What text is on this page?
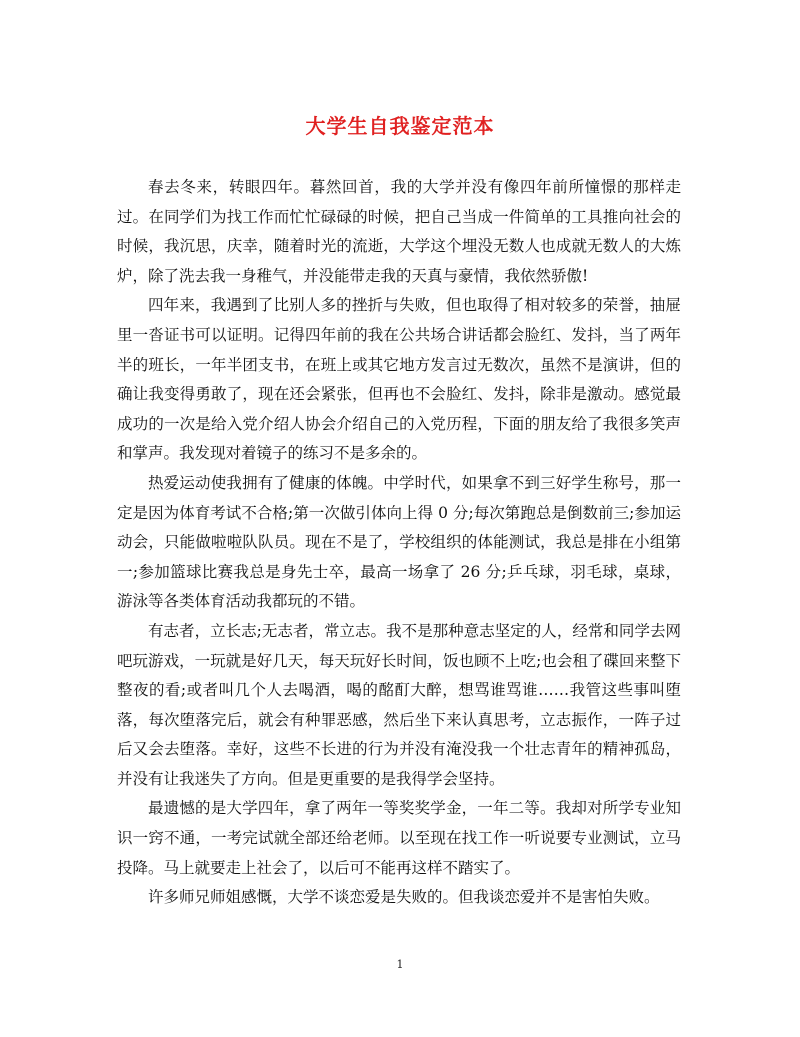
大学生自我鉴定范本

春去冬来，转眼四年。暮然回首，我的大学并没有像四年前所憧憬的那样走过。在同学们为找工作而忙忙碌碌的时候，把自己当成一件简单的工具推向社会的时候，我沉思，庆幸，随着时光的流逝，大学这个埋没无数人也成就无数人的大炼炉，除了洗去我一身稚气，并没能带走我的天真与豪情，我依然骄傲!

四年来，我遇到了比别人多的挫折与失败，但也取得了相对较多的荣誉，抽屉里一沓证书可以证明。记得四年前的我在公共场合讲话都会脸红、发抖，当了两年半的班长，一年半团支书，在班上或其它地方发言过无数次，虽然不是演讲，但的确让我变得勇敢了，现在还会紧张，但再也不会脸红、发抖，除非是激动。感觉最成功的一次是给入党介绍人协会介绍自己的入党历程，下面的朋友给了我很多笑声和掌声。我发现对着镜子的练习不是多余的。

热爱运动使我拥有了健康的体魄。中学时代，如果拿不到三好学生称号，那一定是因为体育考试不合格;第一次做引体向上得 0 分;每次第跑总是倒数前三;参加运动会，只能做啦啦队队员。现在不是了，学校组织的体能测试，我总是排在小组第一;参加篮球比赛我总是身先士卒，最高一场拿了 26 分;乒乓球，羽毛球，桌球，游泳等各类体育活动我都玩的不错。

有志者，立长志;无志者，常立志。我不是那种意志坚定的人，经常和同学去网吧玩游戏，一玩就是好几天，每天玩好长时间，饭也顾不上吃;也会租了碟回来整下整夜的看;或者叫几个人去喝酒，喝的酩酊大醉，想骂谁骂谁……我管这些事叫堕落，每次堕落完后，就会有种罪恶感，然后坐下来认真思考，立志振作，一阵子过后又会去堕落。幸好，这些不长进的行为并没有淹没我一个壮志青年的精神孤岛，并没有让我迷失了方向。但是更重要的是我得学会坚持。

最遗憾的是大学四年，拿了两年一等奖奖学金，一年二等。我却对所学专业知识一窍不通，一考完试就全部还给老师。以至现在找工作一听说要专业测试，立马投降。马上就要走上社会了，以后可不能再这样不踏实了。

许多师兄师姐感慨，大学不谈恋爱是失败的。但我谈恋爱并不是害怕失败。

1
